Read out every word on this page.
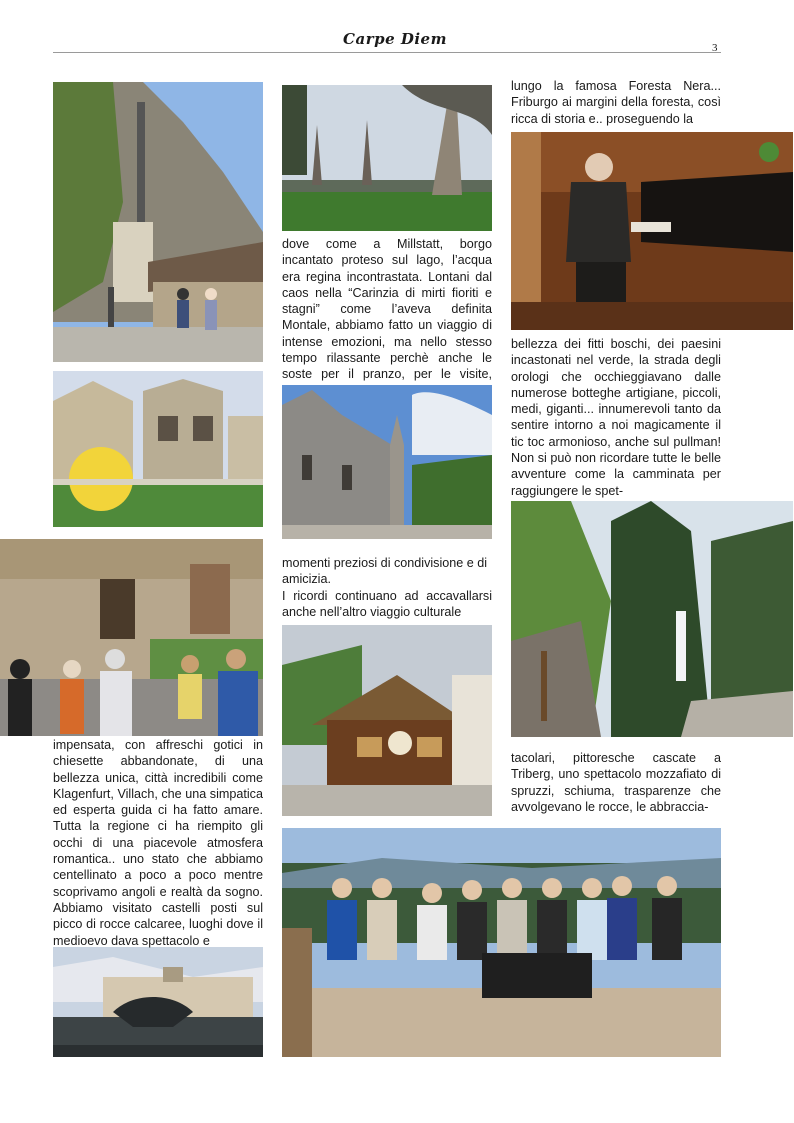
Carpe Diem	3

impensata, con affreschi gotici in chiesette abbandonate, di una bellezza unica, città incredibili come Klagenfurt, Villach, che una simpatica ed esperta guida ci ha fatto amare. Tutta la regione ci ha riempito gli occhi di una piacevole atmosfera romantica.. uno stato che abbiamo centellinato a poco a poco mentre scoprivamo angoli e realtà da sogno. Abbiamo visitato castelli posti sul picco di rocce calcaree, luoghi dove il medioevo dava spettacolo e

dove come a Millstatt, borgo incantato proteso sul lago, l’acqua era regina incontrastata. Lontani dal caos nella “Carinzia di mirti fioriti e stagni” come l’aveva definita Montale, abbiamo fatto un viaggio di intense emozioni, ma nello stesso tempo rilassante perchè anche le soste per il pranzo, per le visite,

momenti preziosi di condivisione e di amicizia.

I ricordi continuano ad accavallarsi anche nell’altro viaggio culturale

lungo la famosa Foresta Nera... Friburgo ai margini della foresta, così ricca di storia e.. proseguendo la

bellezza dei fitti boschi, dei paesini incastonati nel verde, la strada degli orologi che occhieggiavano dalle numerose botteghe artigiane, piccoli, medi, giganti... innumerevoli tanto da sentire intorno a noi magicamente il tic toc armonioso, anche sul pullman! Non si può non ricordare tutte le belle avventure come la camminata per raggiungere le spet-

tacolari, pittoresche cascate a Triberg, uno spettacolo mozzafiato di spruzzi, schiuma, trasparenze che avvolgevano le rocce, le abbraccia-
